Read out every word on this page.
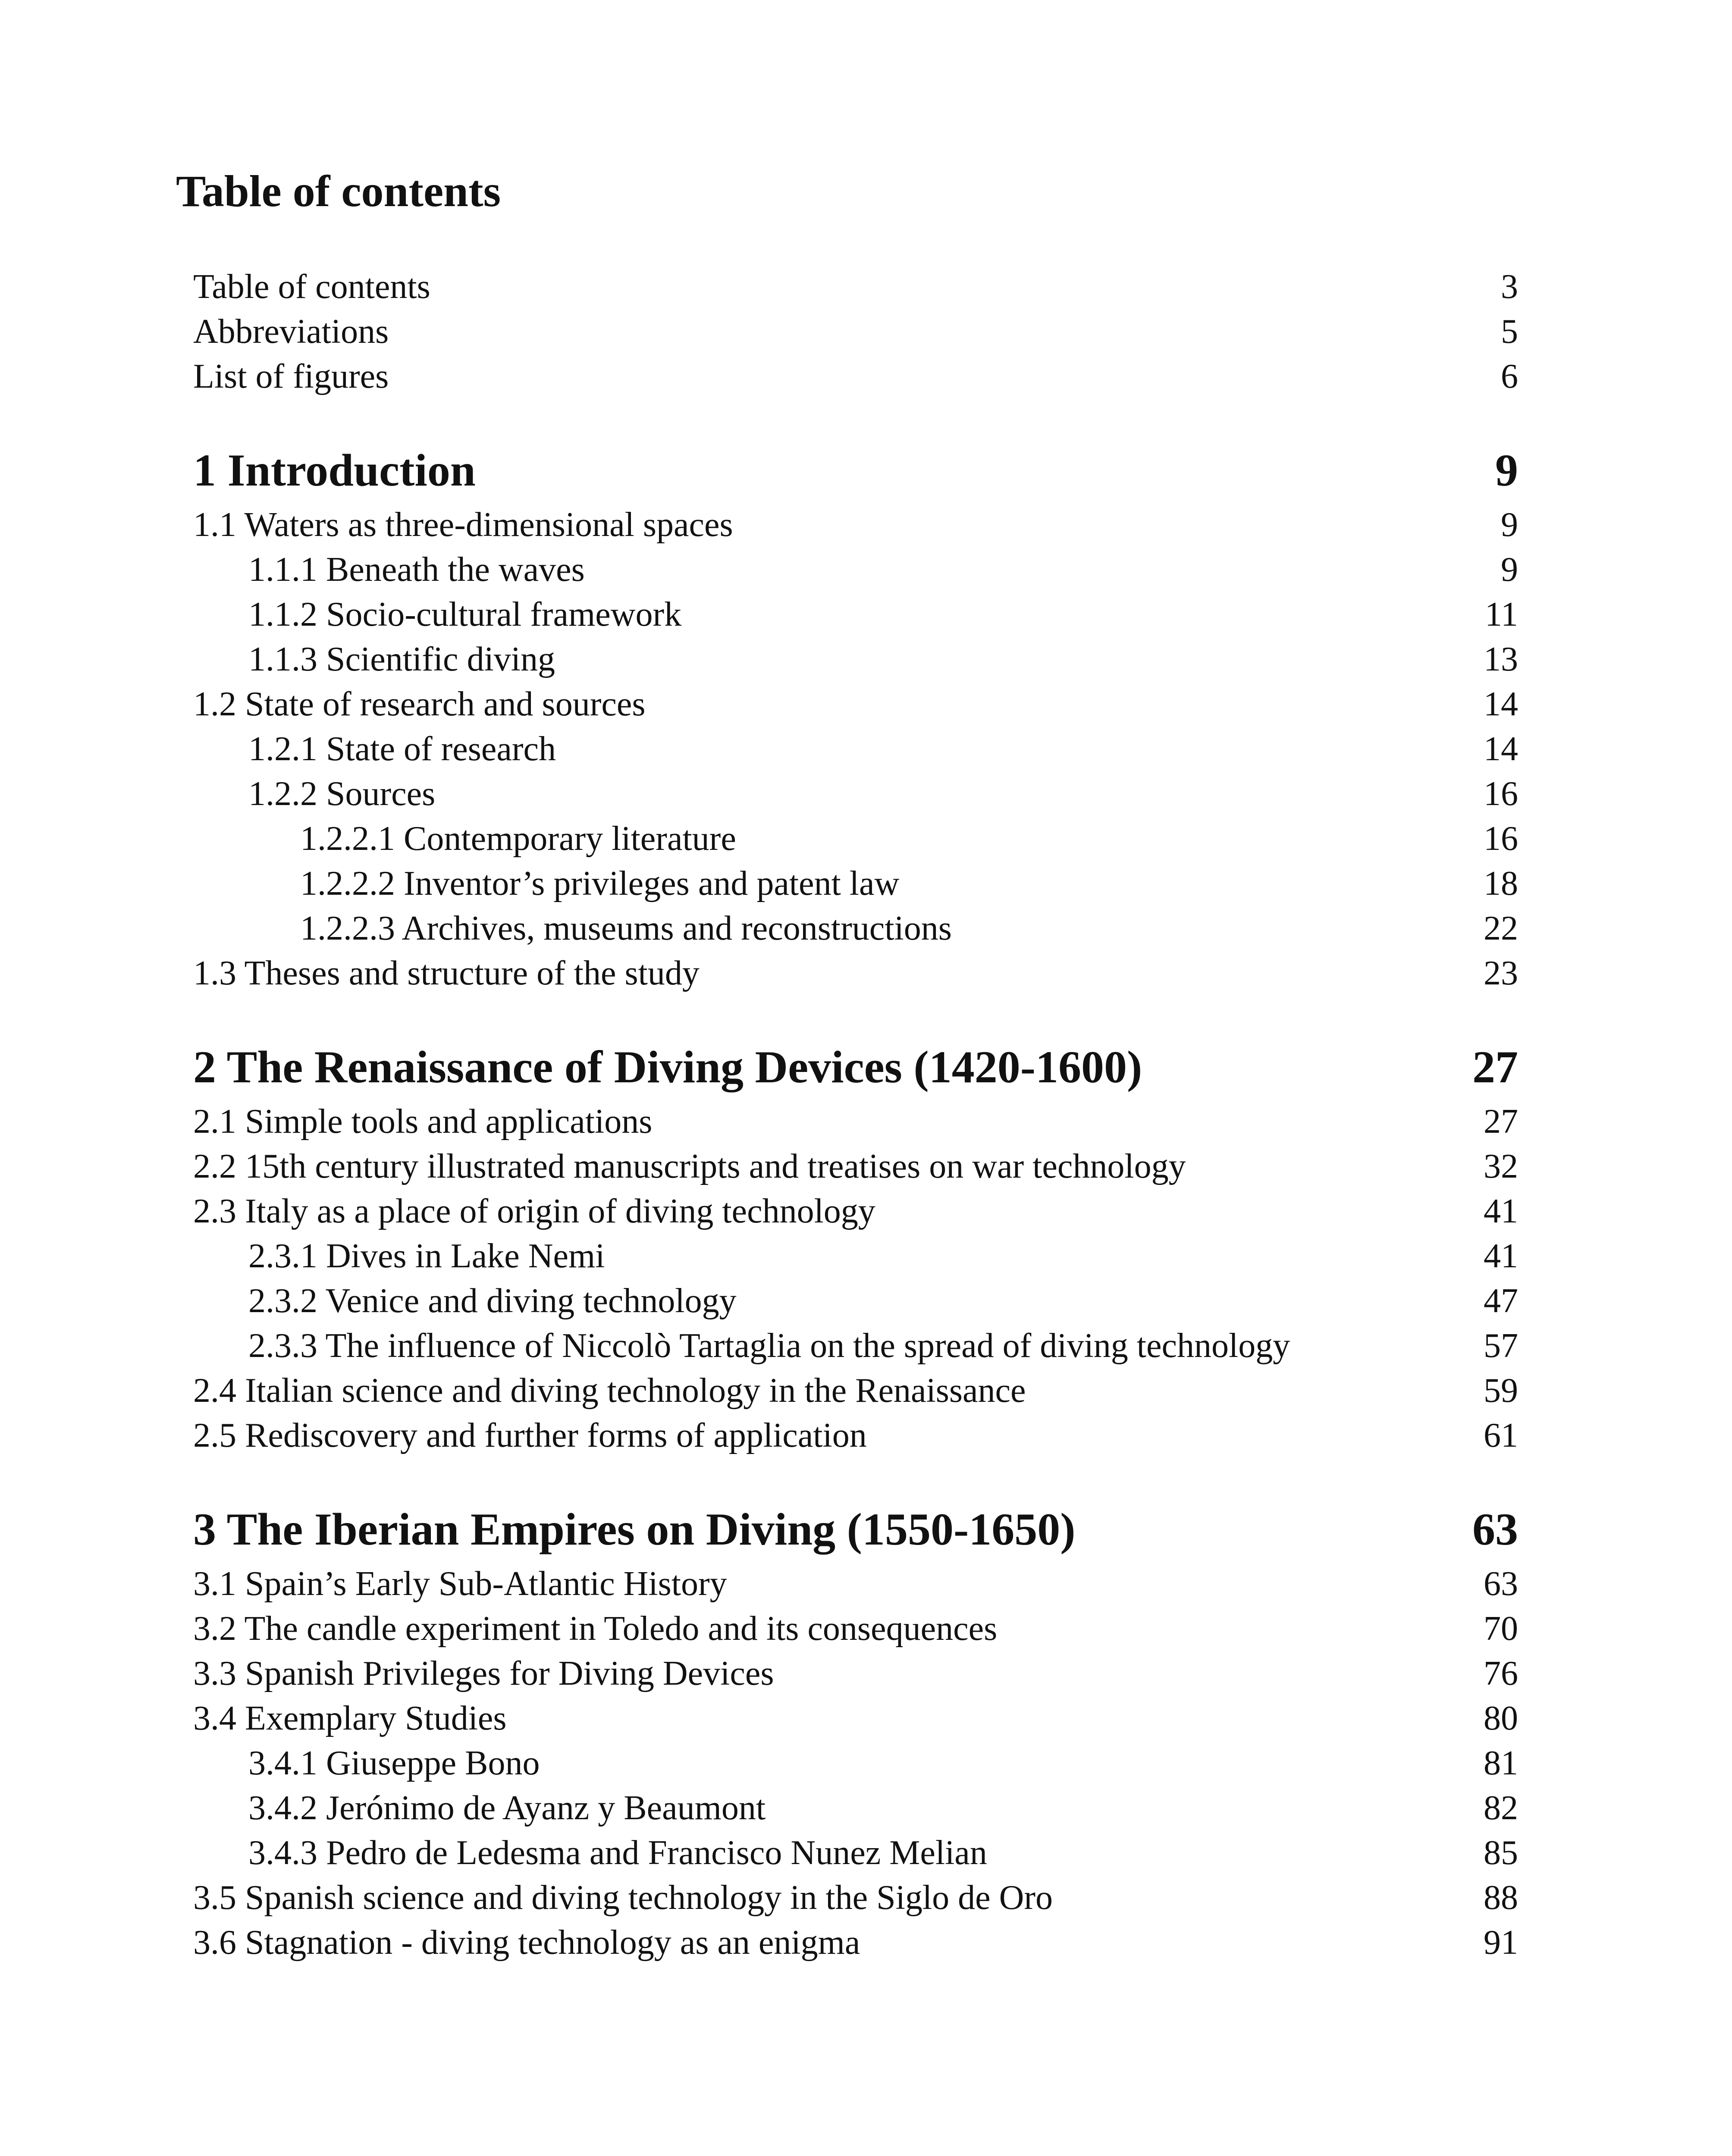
Table of contents
Table of contents	3
Abbreviations	5
List of figures	6
1 Introduction	9
1.1 Waters as three-dimensional spaces	9
1.1.1 Beneath the waves	9
1.1.2 Socio-cultural framework	11
1.1.3 Scientific diving	13
1.2 State of research and sources	14
1.2.1 State of research	14
1.2.2 Sources	16
1.2.2.1 Contemporary literature	16
1.2.2.2 Inventor’s privileges and patent law	18
1.2.2.3 Archives, museums and reconstructions	22
1.3 Theses and structure of the study	23
2 The Renaissance of Diving Devices (1420-1600)	27
2.1 Simple tools and applications	27
2.2 15th century illustrated manuscripts and treatises on war technology	32
2.3 Italy as a place of origin of diving technology	41
2.3.1 Dives in Lake Nemi	41
2.3.2 Venice and diving technology	47
2.3.3 The influence of Niccolò Tartaglia on the spread of diving technology	57
2.4 Italian science and diving technology in the Renaissance	59
2.5 Rediscovery and further forms of application	61
3 The Iberian Empires on Diving (1550-1650)	63
3.1 Spain’s Early Sub-Atlantic History	63
3.2 The candle experiment in Toledo and its consequences	70
3.3 Spanish Privileges for Diving Devices	76
3.4 Exemplary Studies	80
3.4.1 Giuseppe Bono	81
3.4.2 Jerónimo de Ayanz y Beaumont	82
3.4.3 Pedro de Ledesma and Francisco Nunez Melian	85
3.5 Spanish science and diving technology in the Siglo de Oro	88
3.6 Stagnation - diving technology as an enigma	91
